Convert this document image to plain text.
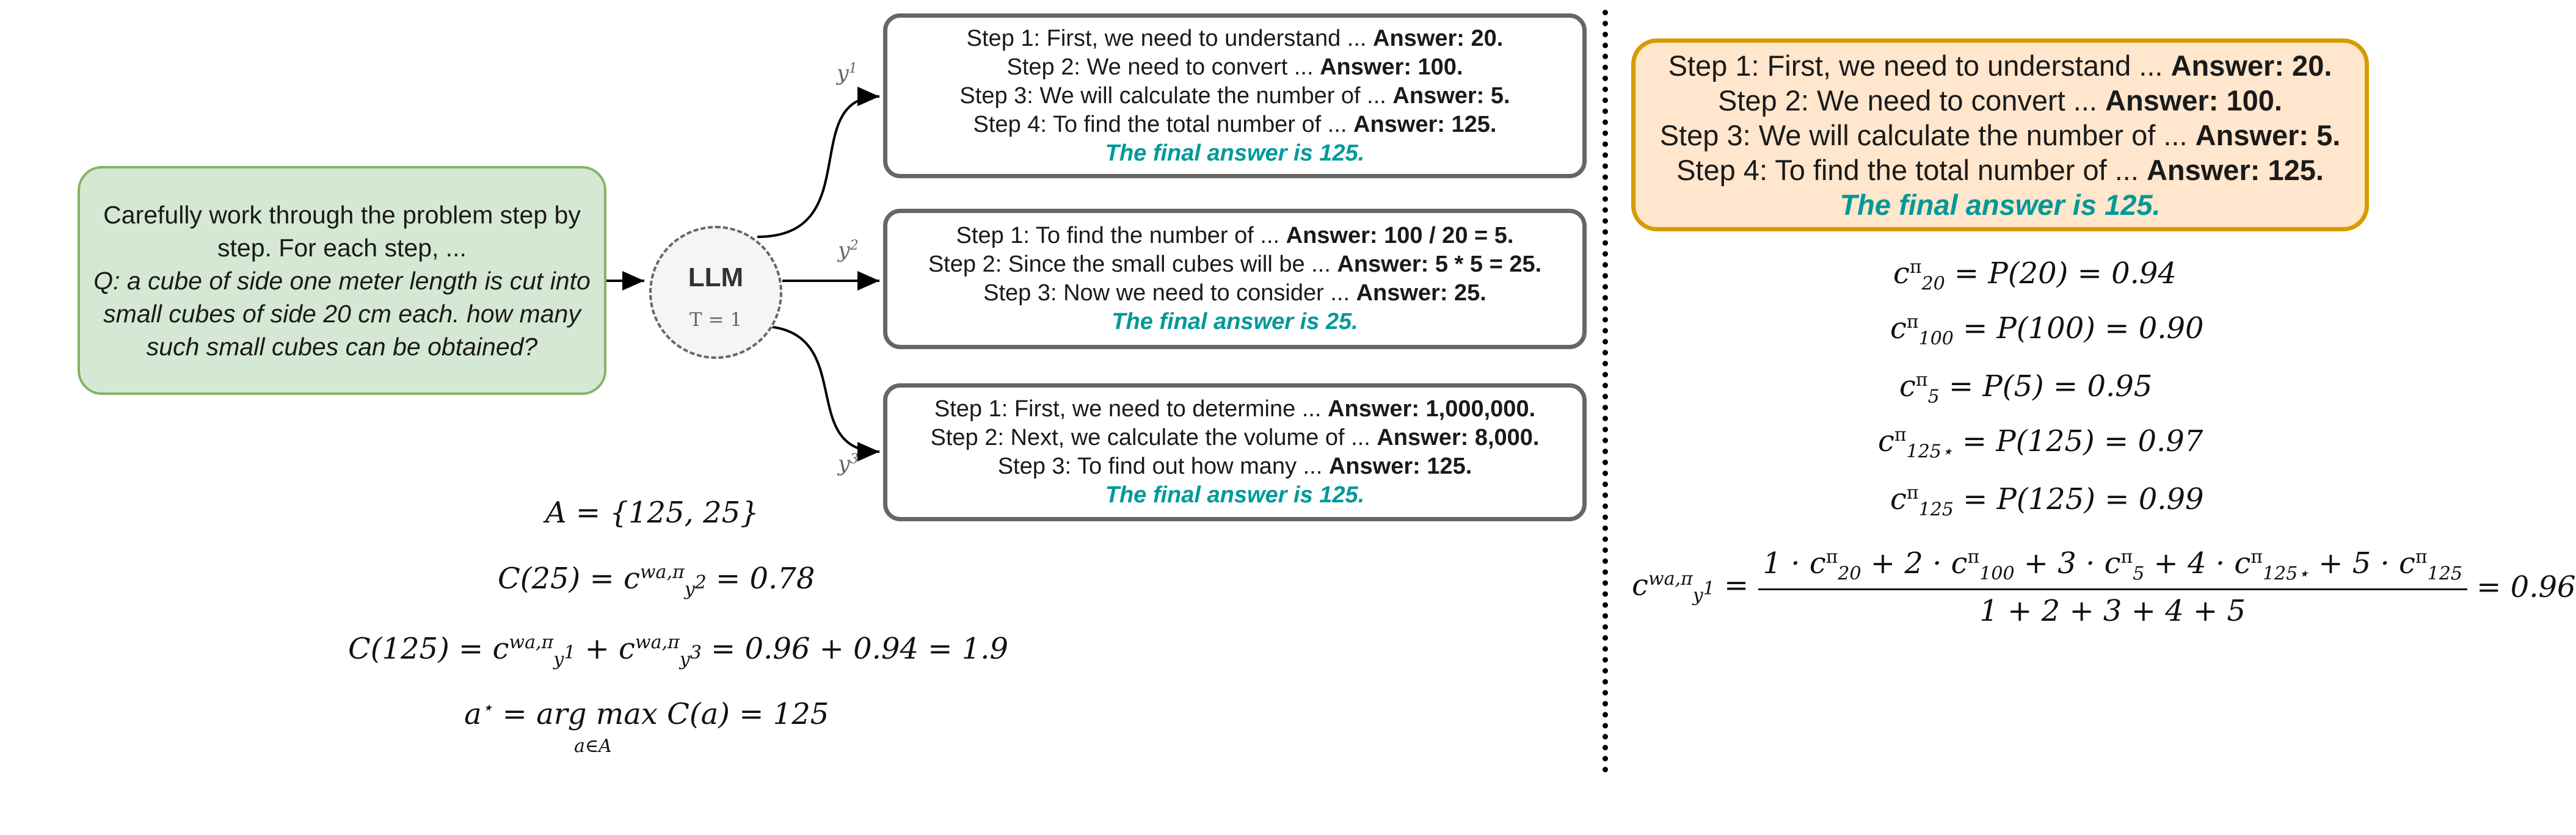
Carefully work through the problem step by step. For each step, ...
Q: a cube of side one meter length is cut into small cubes of side 20 cm each. how many such small cubes can be obtained?
LLM
T = 1
$y^1$
$y^2$
$y^3$
Step 1: First, we need to understand ... Answer: 20.
Step 2: We need to convert ... Answer: 100.
Step 3: We will calculate the number of ... Answer: 5.
Step 4: To find the total number of ... Answer: 125.
The final answer is 125.
Step 1: To find the number of ... Answer: 100 / 20 = 5.
Step 2: Since the small cubes will be ... Answer: 5 * 5 = 25.
Step 3: Now we need to consider ... Answer: 25.
The final answer is 25.
Step 1: First, we need to determine ... Answer: 1,000,000.
Step 2: Next, we calculate the volume of ... Answer: 8,000.
Step 3: To find out how many ... Answer: 125.
The final answer is 125.
A = {125, 25}
$C(25) = c^{wa,\pi}_{y^2} = 0.78$
$C(125) = c^{wa,\pi}_{y^1} + c^{wa,\pi}_{y^3} = 0.96 + 0.94 = 1.9$
a⋆ = arg max C(a) = 125
a∈A
Step 1: First, we need to understand ... Answer: 20.
Step 2: We need to convert ... Answer: 100.
Step 3: We will calculate the number of ... Answer: 5.
Step 4: To find the total number of ... Answer: 125.
The final answer is 125.
$c^\pi_{20} = P(20) = 0.94$
$c^\pi_{100} = P(100) = 0.90$
$c^\pi_5 = P(5) = 0.95$
$c^\pi_{125⋆} = P(125) = 0.97$
$c^\pi_{125} = P(125) = 0.99$
$c^{wa,\pi}_{y^1} = \frac{1 \cdot c^\pi_{20} + 2 \cdot c^\pi_{100} + 3 \cdot c^\pi_5 + 4 \cdot c^\pi_{125⋆} + 5 \cdot c^\pi_{125}}{1 + 2 + 3 + 4 + 5} = 0.96$
